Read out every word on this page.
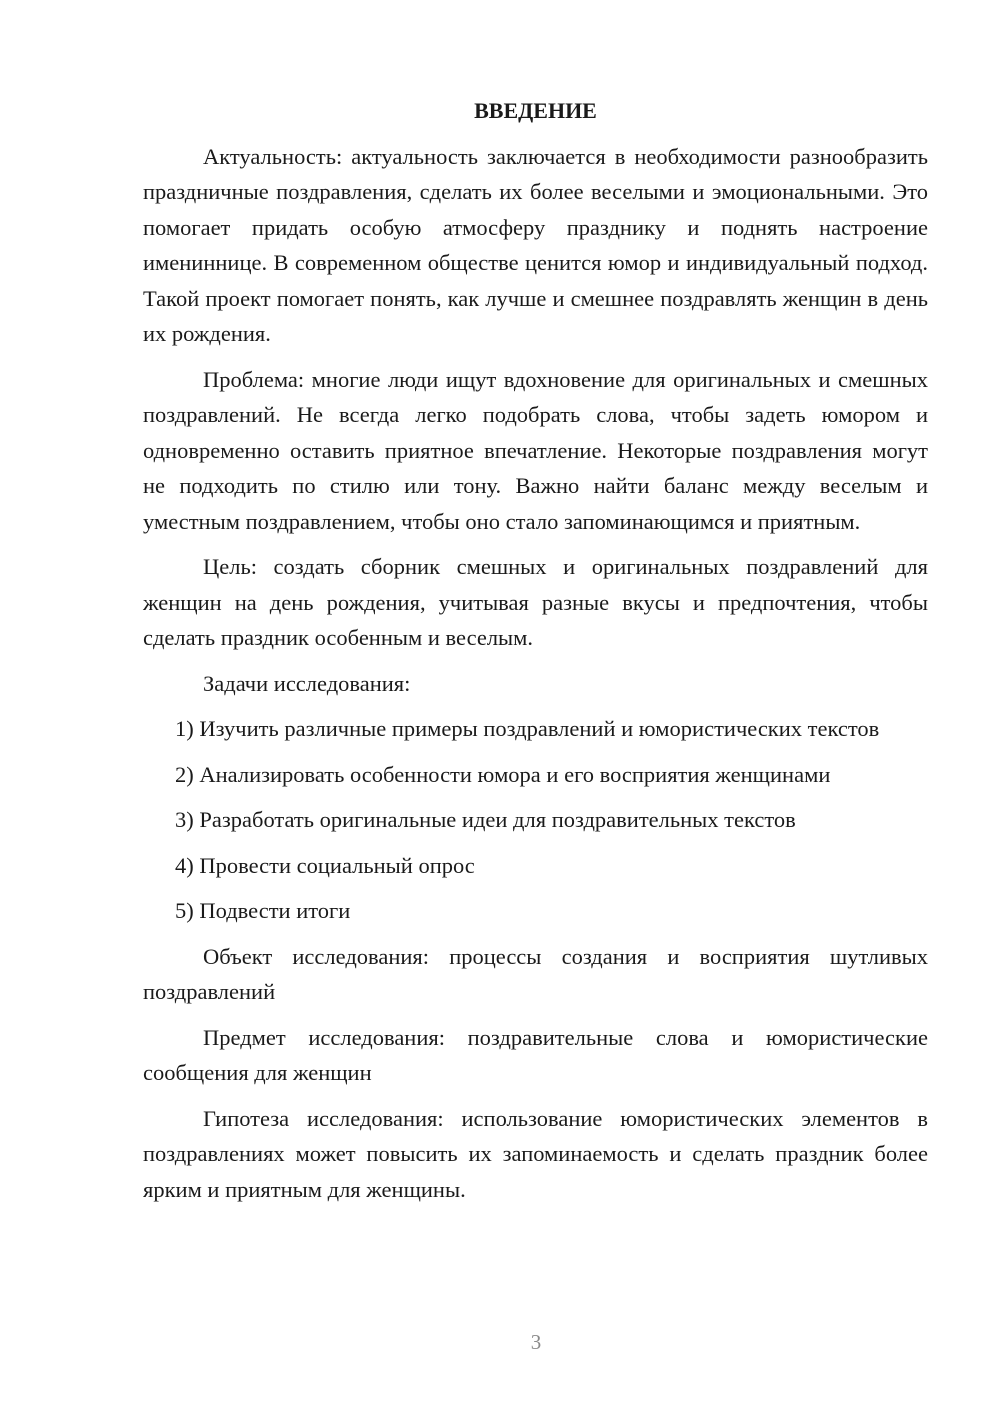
ВВЕДЕНИЕ

Актуальность: актуальность заключается в необходимости разнообразить праздничные поздравления, сделать их более веселыми и эмоциональными. Это помогает придать особую атмосферу празднику и поднять настроение имениннице. В современном обществе ценится юмор и индивидуальный подход. Такой проект помогает понять, как лучше и смешнее поздравлять женщин в день их рождения.

Проблема: многие люди ищут вдохновение для оригинальных и смешных поздравлений. Не всегда легко подобрать слова, чтобы задеть юмором и одновременно оставить приятное впечатление. Некоторые поздравления могут не подходить по стилю или тону. Важно найти баланс между веселым и уместным поздравлением, чтобы оно стало запоминающимся и приятным.

Цель: создать сборник смешных и оригинальных поздравлений для женщин на день рождения, учитывая разные вкусы и предпочтения, чтобы сделать праздник особенным и веселым.

Задачи исследования:

1) Изучить различные примеры поздравлений и юмористических текстов

2) Анализировать особенности юмора и его восприятия женщинами

3) Разработать оригинальные идеи для поздравительных текстов

4) Провести социальный опрос

5) Подвести итоги

Объект исследования: процессы создания и восприятия шутливых поздравлений

Предмет исследования: поздравительные слова и юмористические сообщения для женщин

Гипотеза исследования: использование юмористических элементов в поздравлениях может повысить их запоминаемость и сделать праздник более ярким и приятным для женщины.

3
